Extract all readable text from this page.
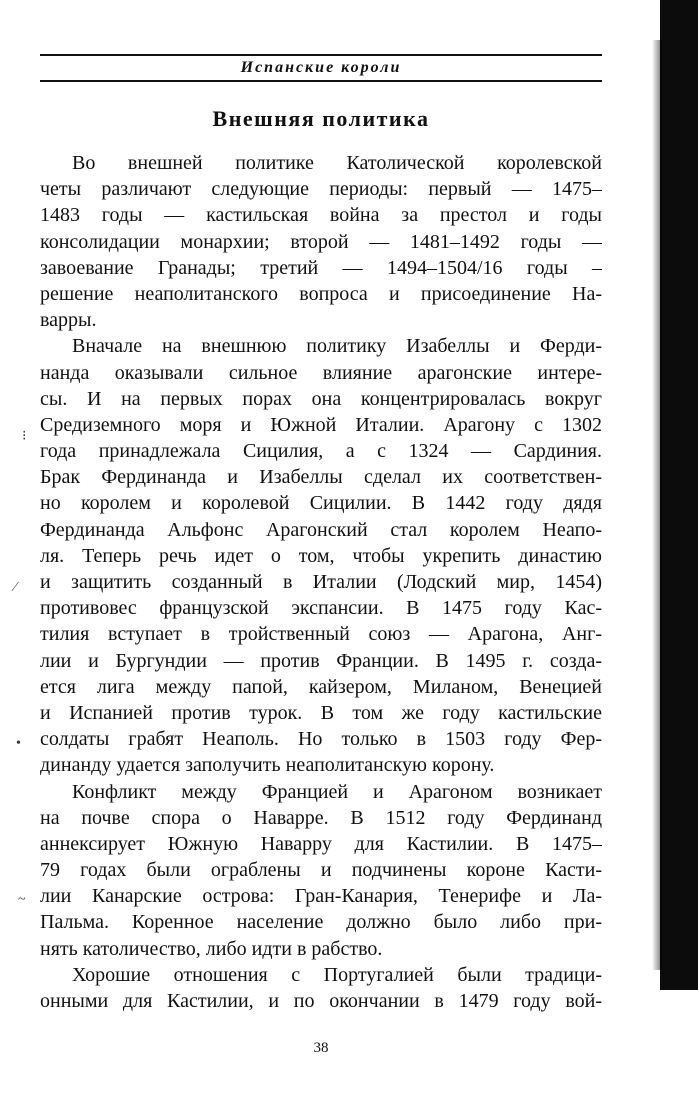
Испанские короли
Внешняя политика
Во внешней политике Католической королевской
четы различают следующие периоды: первый — 1475–
1483 годы — кастильская война за престол и годы
консолидации монархии; второй — 1481–1492 годы —
завоевание Гранады; третий — 1494–1504/16 годы –
решение неаполитанского вопроса и присоединение На-
варры.
Вначале на внешнюю политику Изабеллы и Ферди-
нанда оказывали сильное влияние арагонские интере-
сы. И на первых порах она концентрировалась вокруг
Средиземного моря и Южной Италии. Арагону с 1302
года принадлежала Сицилия, а с 1324 — Сардиния.
Брак Фердинанда и Изабеллы сделал их соответствен-
но королем и королевой Сицилии. В 1442 году дядя
Фердинанда Альфонс Арагонский стал королем Неапо-
ля. Теперь речь идет о том, чтобы укрепить династию
и защитить созданный в Италии (Лодский мир, 1454)
противовес французской экспансии. В 1475 году Кас-
тилия вступает в тройственный союз — Арагона, Анг-
лии и Бургундии — против Франции. В 1495 г. созда-
ется лига между папой, кайзером, Миланом, Венецией
и Испанией против турок. В том же году кастильские
солдаты грабят Неаполь. Но только в 1503 году Фер-
динанду удается заполучить неаполитанскую корону.
Конфликт между Францией и Арагоном возникает
на почве спора о Наварре. В 1512 году Фердинанд
аннексирует Южную Наварру для Кастилии. В 1475–
79 годах были ограблены и подчинены короне Касти-
лии Канарские острова: Гран-Канария, Тенерифе и Ла-
Пальма. Коренное население должно было либо при-
нять католичество, либо идти в рабство.
Хорошие отношения с Португалией были традици-
онными для Кастилии, и по окончании в 1479 году вой-
⁝
⁄
•
~
38
